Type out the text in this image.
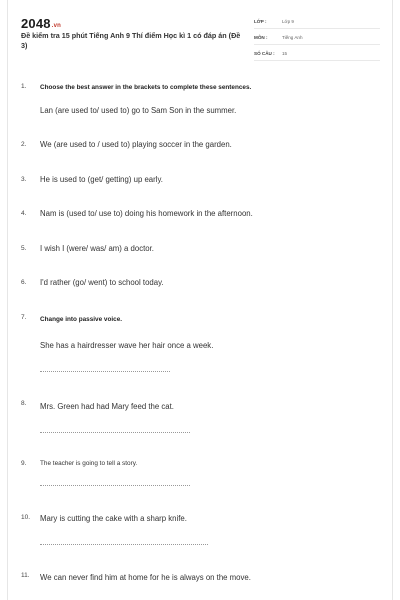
2048.vn
Đề kiểm tra 15 phút Tiếng Anh 9 Thí điểm Học kì 1 có đáp án (Đề 3)
LỚP :	Lớp 9
MÔN :	Tiếng Anh
SỐ CÂU :	15
1. Choose the best answer in the brackets to complete these sentences.
Lan (are used to/ used to) go to Sam Son in the summer.
2. We (are used to / used to) playing soccer in the garden.
3. He is used to (get/ getting) up early.
4. Nam is (used to/ use to) doing his homework in the afternoon.
5. I wish I (were/ was/ am) a doctor.
6. I'd rather (go/ went) to school today.
7. Change into passive voice.
She has a hairdresser wave her hair once a week.
8. Mrs. Green had had Mary feed the cat.
9. The teacher is going to tell a story.
10. Mary is cutting the cake with a sharp knife.
11. We can never find him at home for he is always on the move.
